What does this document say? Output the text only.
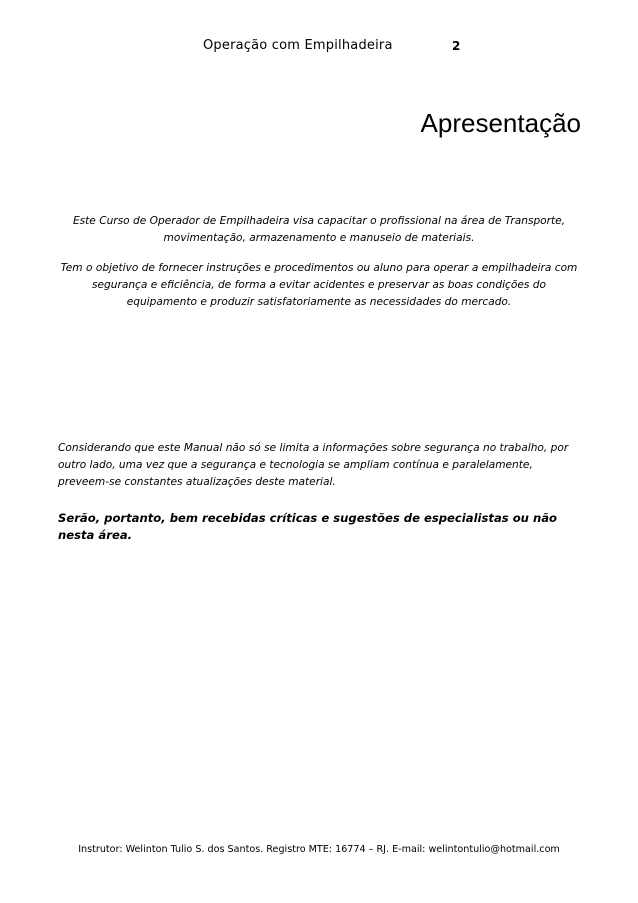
Operação com Empilhadeira	2
Apresentação

Este Curso de Operador de Empilhadeira visa capacitar o profissional na área de Transporte, movimentação, armazenamento e manuseio de materiais.

Tem o objetivo de fornecer instruções e procedimentos ou aluno para operar a empilhadeira com segurança e eficiência, de forma a evitar acidentes e preservar as boas condições do equipamento e produzir satisfatoriamente as necessidades do mercado.

Considerando que este Manual não só se limita a informações sobre segurança no trabalho, por outro lado, uma vez que a segurança e tecnologia se ampliam contínua e paralelamente, preveem-se constantes atualizações deste material.

Serão, portanto, bem recebidas críticas e sugestões de especialistas ou não nesta área.

Instrutor: Welinton Tulio S. dos Santos. Registro MTE: 16774 – RJ. E-mail: welintontulio@hotmail.com
